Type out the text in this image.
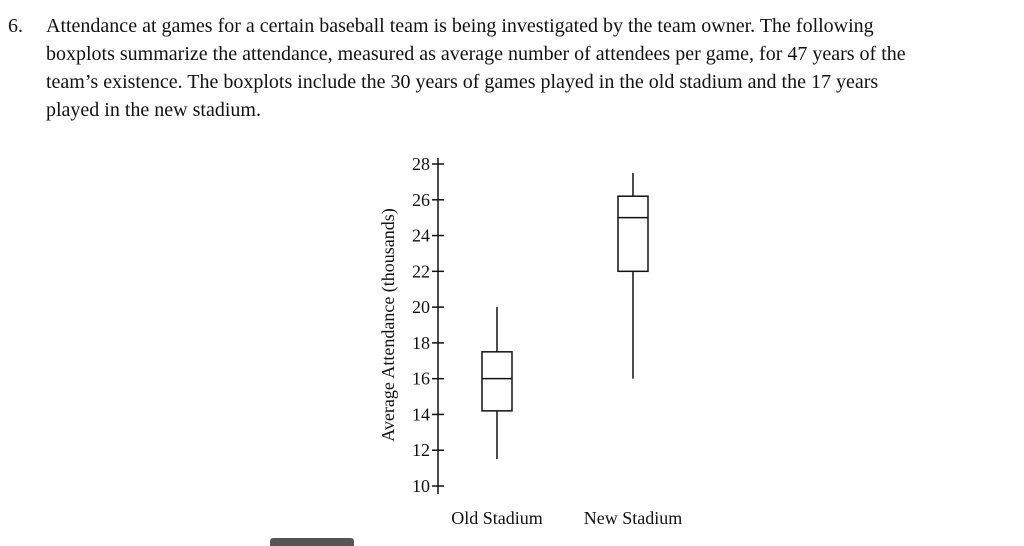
6. Attendance at games for a certain baseball team is being investigated by the team owner. The following
boxplots summarize the attendance, measured as average number of attendees per game, for 47 years of the
team’s existence. The boxplots include the 30 years of games played in the old stadium and the 17 years
played in the new stadium.
10
12
14
16
18
20
22
24
26
28
Average Attendance (thousands)
Old Stadium New Stadium
